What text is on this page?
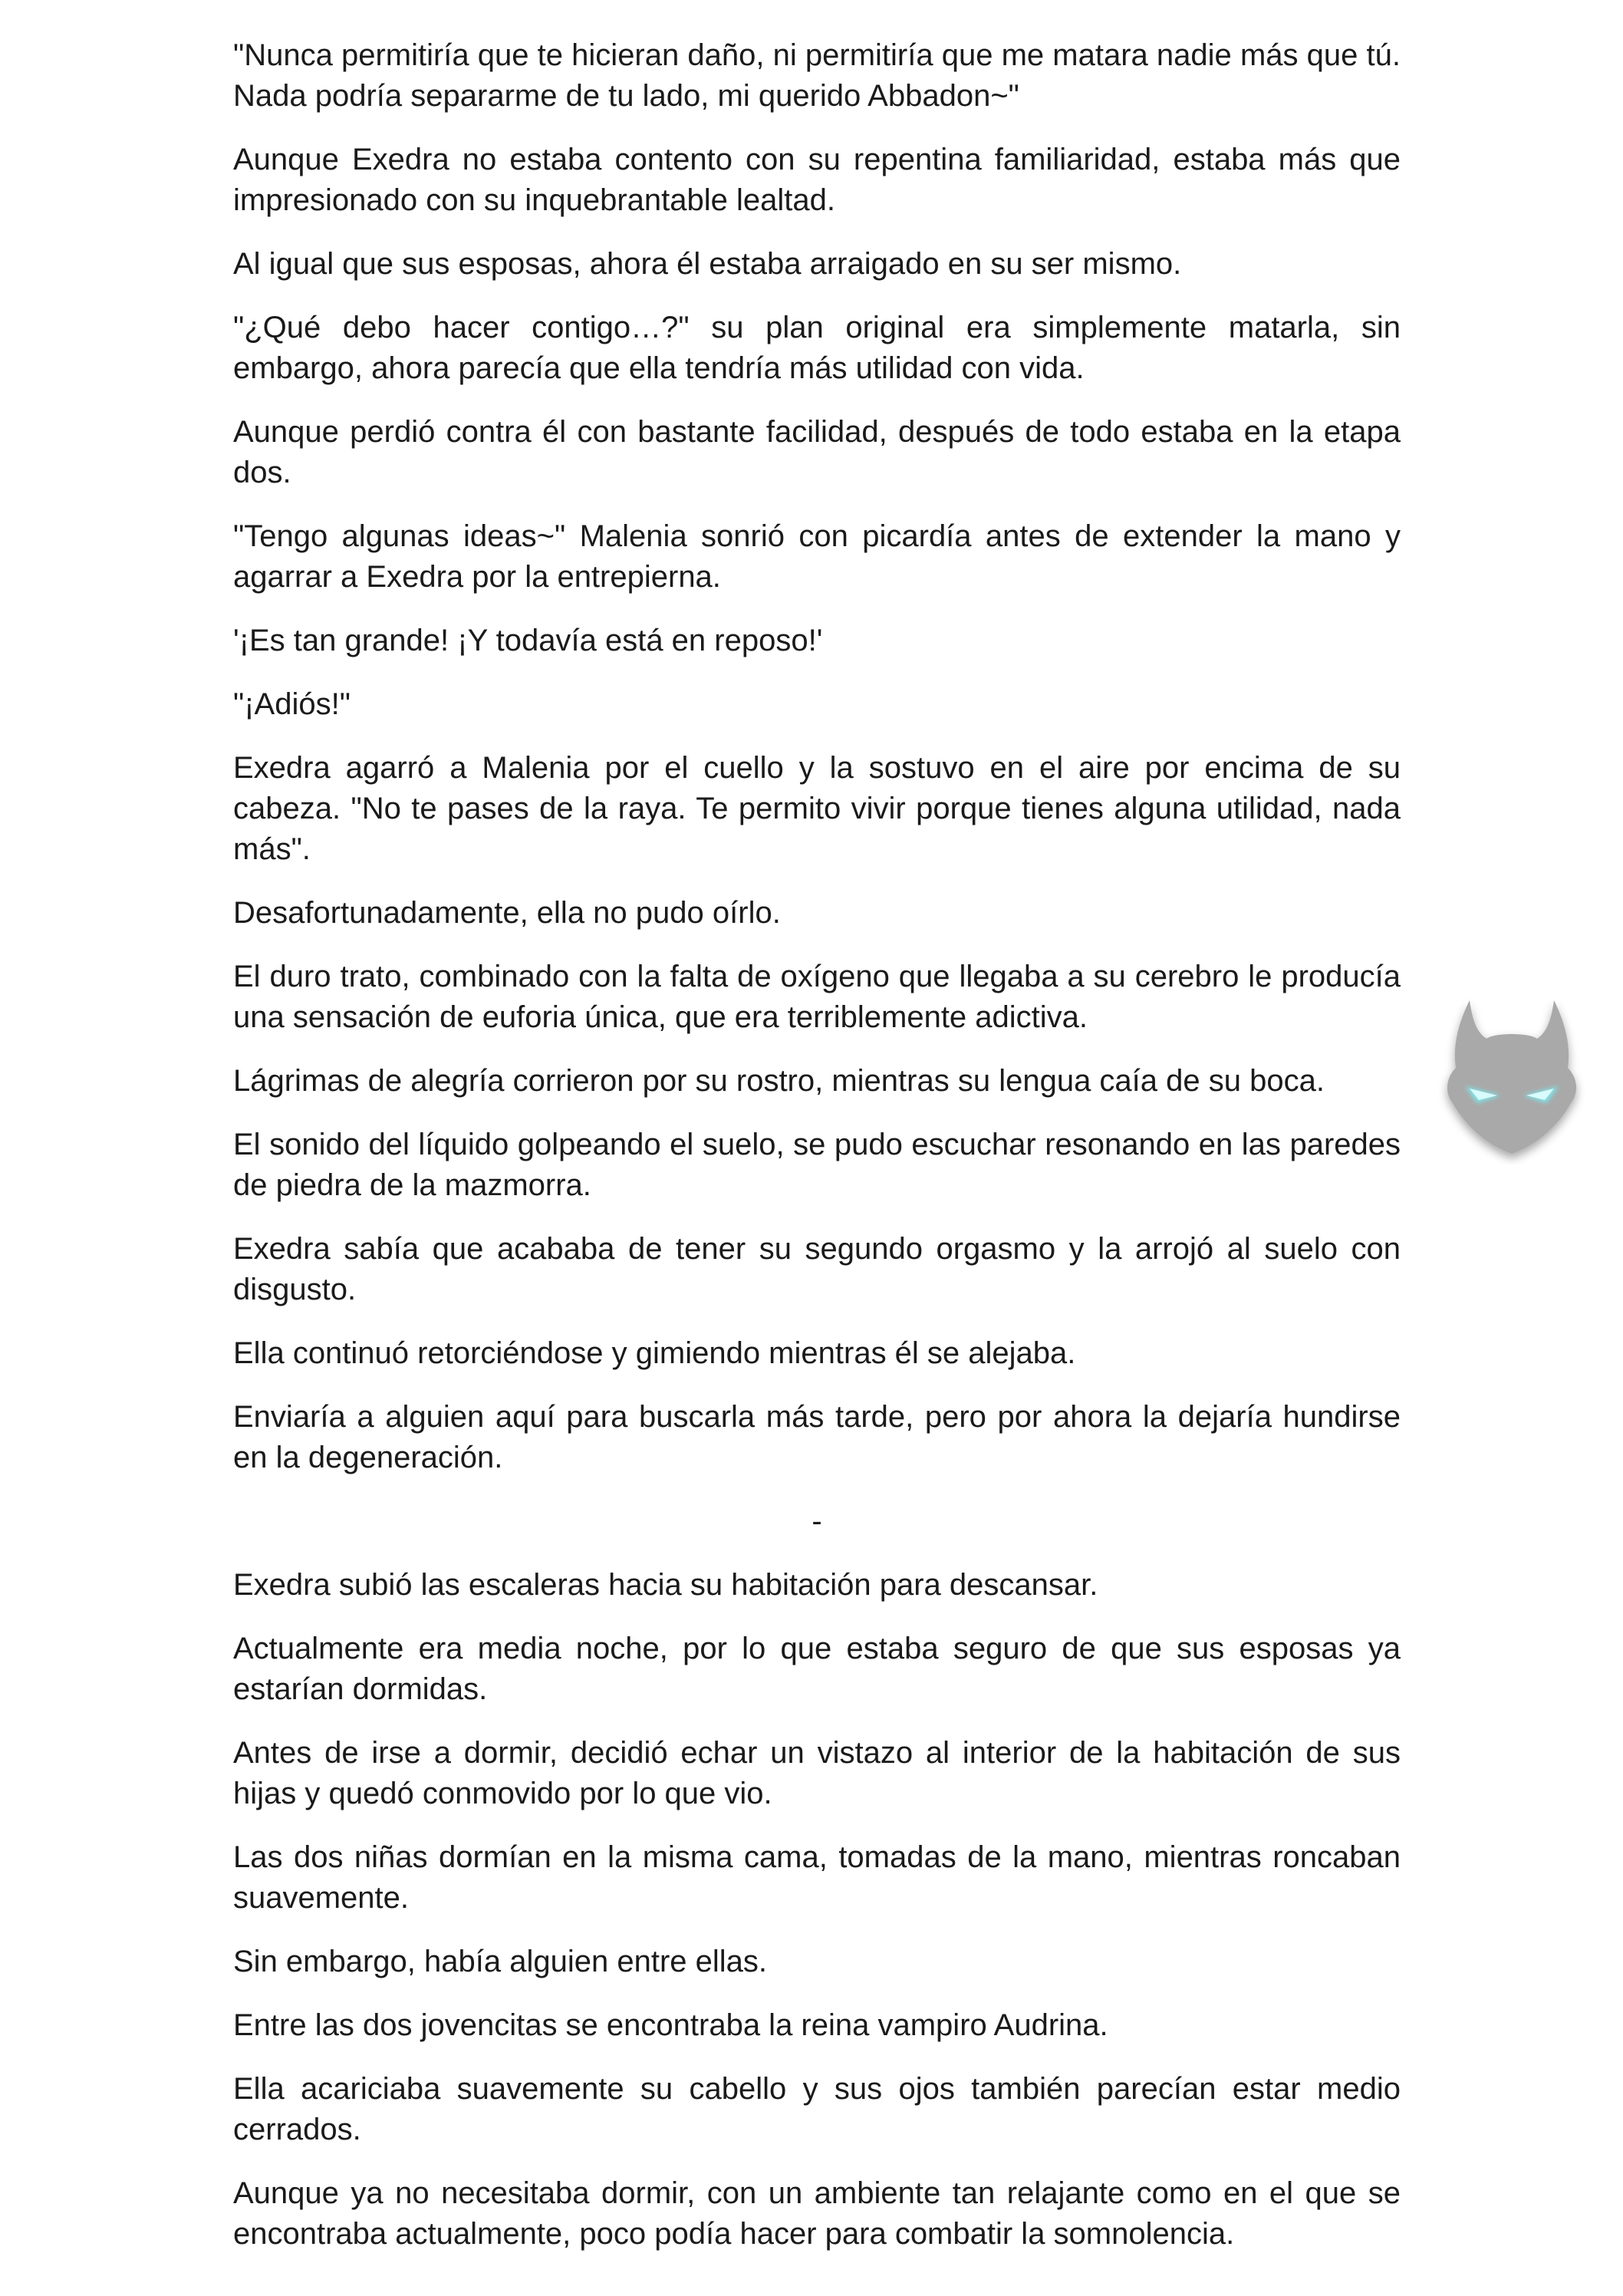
"Nunca permitiría que te hicieran daño, ni permitiría que me matara nadie más que tú. Nada podría separarme de tu lado, mi querido Abbadon~"

Aunque Exedra no estaba contento con su repentina familiaridad, estaba más que impresionado con su inquebrantable lealtad.

Al igual que sus esposas, ahora él estaba arraigado en su ser mismo.

"¿Qué debo hacer contigo…?" su plan original era simplemente matarla, sin embargo, ahora parecía que ella tendría más utilidad con vida.

Aunque perdió contra él con bastante facilidad, después de todo estaba en la etapa dos.

"Tengo algunas ideas~" Malenia sonrió con picardía antes de extender la mano y agarrar a Exedra por la entrepierna.

'¡Es tan grande! ¡Y todavía está en reposo!'

"¡Adiós!"

Exedra agarró a Malenia por el cuello y la sostuvo en el aire por encima de su cabeza. "No te pases de la raya. Te permito vivir porque tienes alguna utilidad, nada más".

Desafortunadamente, ella no pudo oírlo.

El duro trato, combinado con la falta de oxígeno que llegaba a su cerebro le producía una sensación de euforia única, que era terriblemente adictiva.

Lágrimas de alegría corrieron por su rostro, mientras su lengua caía de su boca.

El sonido del líquido golpeando el suelo, se pudo escuchar resonando en las paredes de piedra de la mazmorra.

Exedra sabía que acababa de tener su segundo orgasmo y la arrojó al suelo con disgusto.

Ella continuó retorciéndose y gimiendo mientras él se alejaba.

Enviaría a alguien aquí para buscarla más tarde, pero por ahora la dejaría hundirse en la degeneración.

-

Exedra subió las escaleras hacia su habitación para descansar.

Actualmente era media noche, por lo que estaba seguro de que sus esposas ya estarían dormidas.

Antes de irse a dormir, decidió echar un vistazo al interior de la habitación de sus hijas y quedó conmovido por lo que vio.

Las dos niñas dormían en la misma cama, tomadas de la mano, mientras roncaban suavemente.

Sin embargo, había alguien entre ellas.

Entre las dos jovencitas se encontraba la reina vampiro Audrina.

Ella acariciaba suavemente su cabello y sus ojos también parecían estar medio cerrados.

Aunque ya no necesitaba dormir, con un ambiente tan relajante como en el que se encontraba actualmente, poco podía hacer para combatir la somnolencia.
